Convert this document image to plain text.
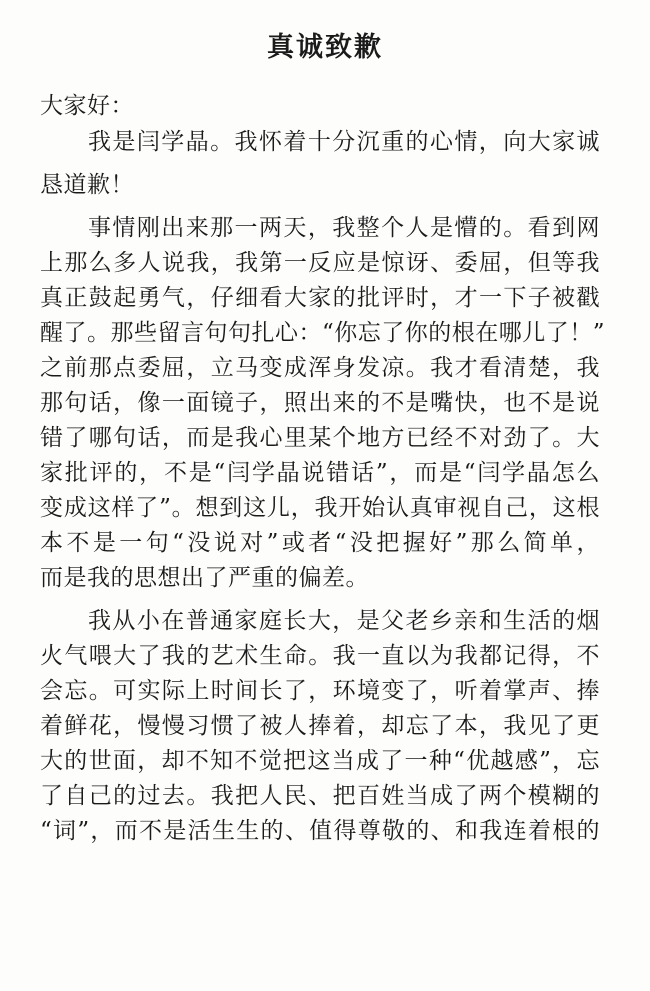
真诚致歉
大家好：
我是闫学晶。我怀着十分沉重的心情，向大家诚
恳道歉！
事情刚出来那一两天，我整个人是懵的。看到网
上那么多人说我，我第一反应是惊讶、委屈，但等我
真正鼓起勇气，仔细看大家的批评时，才一下子被戳
醒了。那些留言句句扎心：“你忘了你的根在哪儿了！”
之前那点委屈，立马变成浑身发凉。我才看清楚，我
那句话，像一面镜子，照出来的不是嘴快，也不是说
错了哪句话，而是我心里某个地方已经不对劲了。大
家批评的，不是“闫学晶说错话”，而是“闫学晶怎么
变成这样了”。想到这儿，我开始认真审视自己，这根
本不是一句“没说对”或者“没把握好”那么简单，
而是我的思想出了严重的偏差。
我从小在普通家庭长大，是父老乡亲和生活的烟
火气喂大了我的艺术生命。我一直以为我都记得，不
会忘。可实际上时间长了，环境变了，听着掌声、捧
着鲜花，慢慢习惯了被人捧着，却忘了本，我见了更
大的世面，却不知不觉把这当成了一种“优越感”，忘
了自己的过去。我把人民、把百姓当成了两个模糊的
“词”，而不是活生生的、值得尊敬的、和我连着根的
